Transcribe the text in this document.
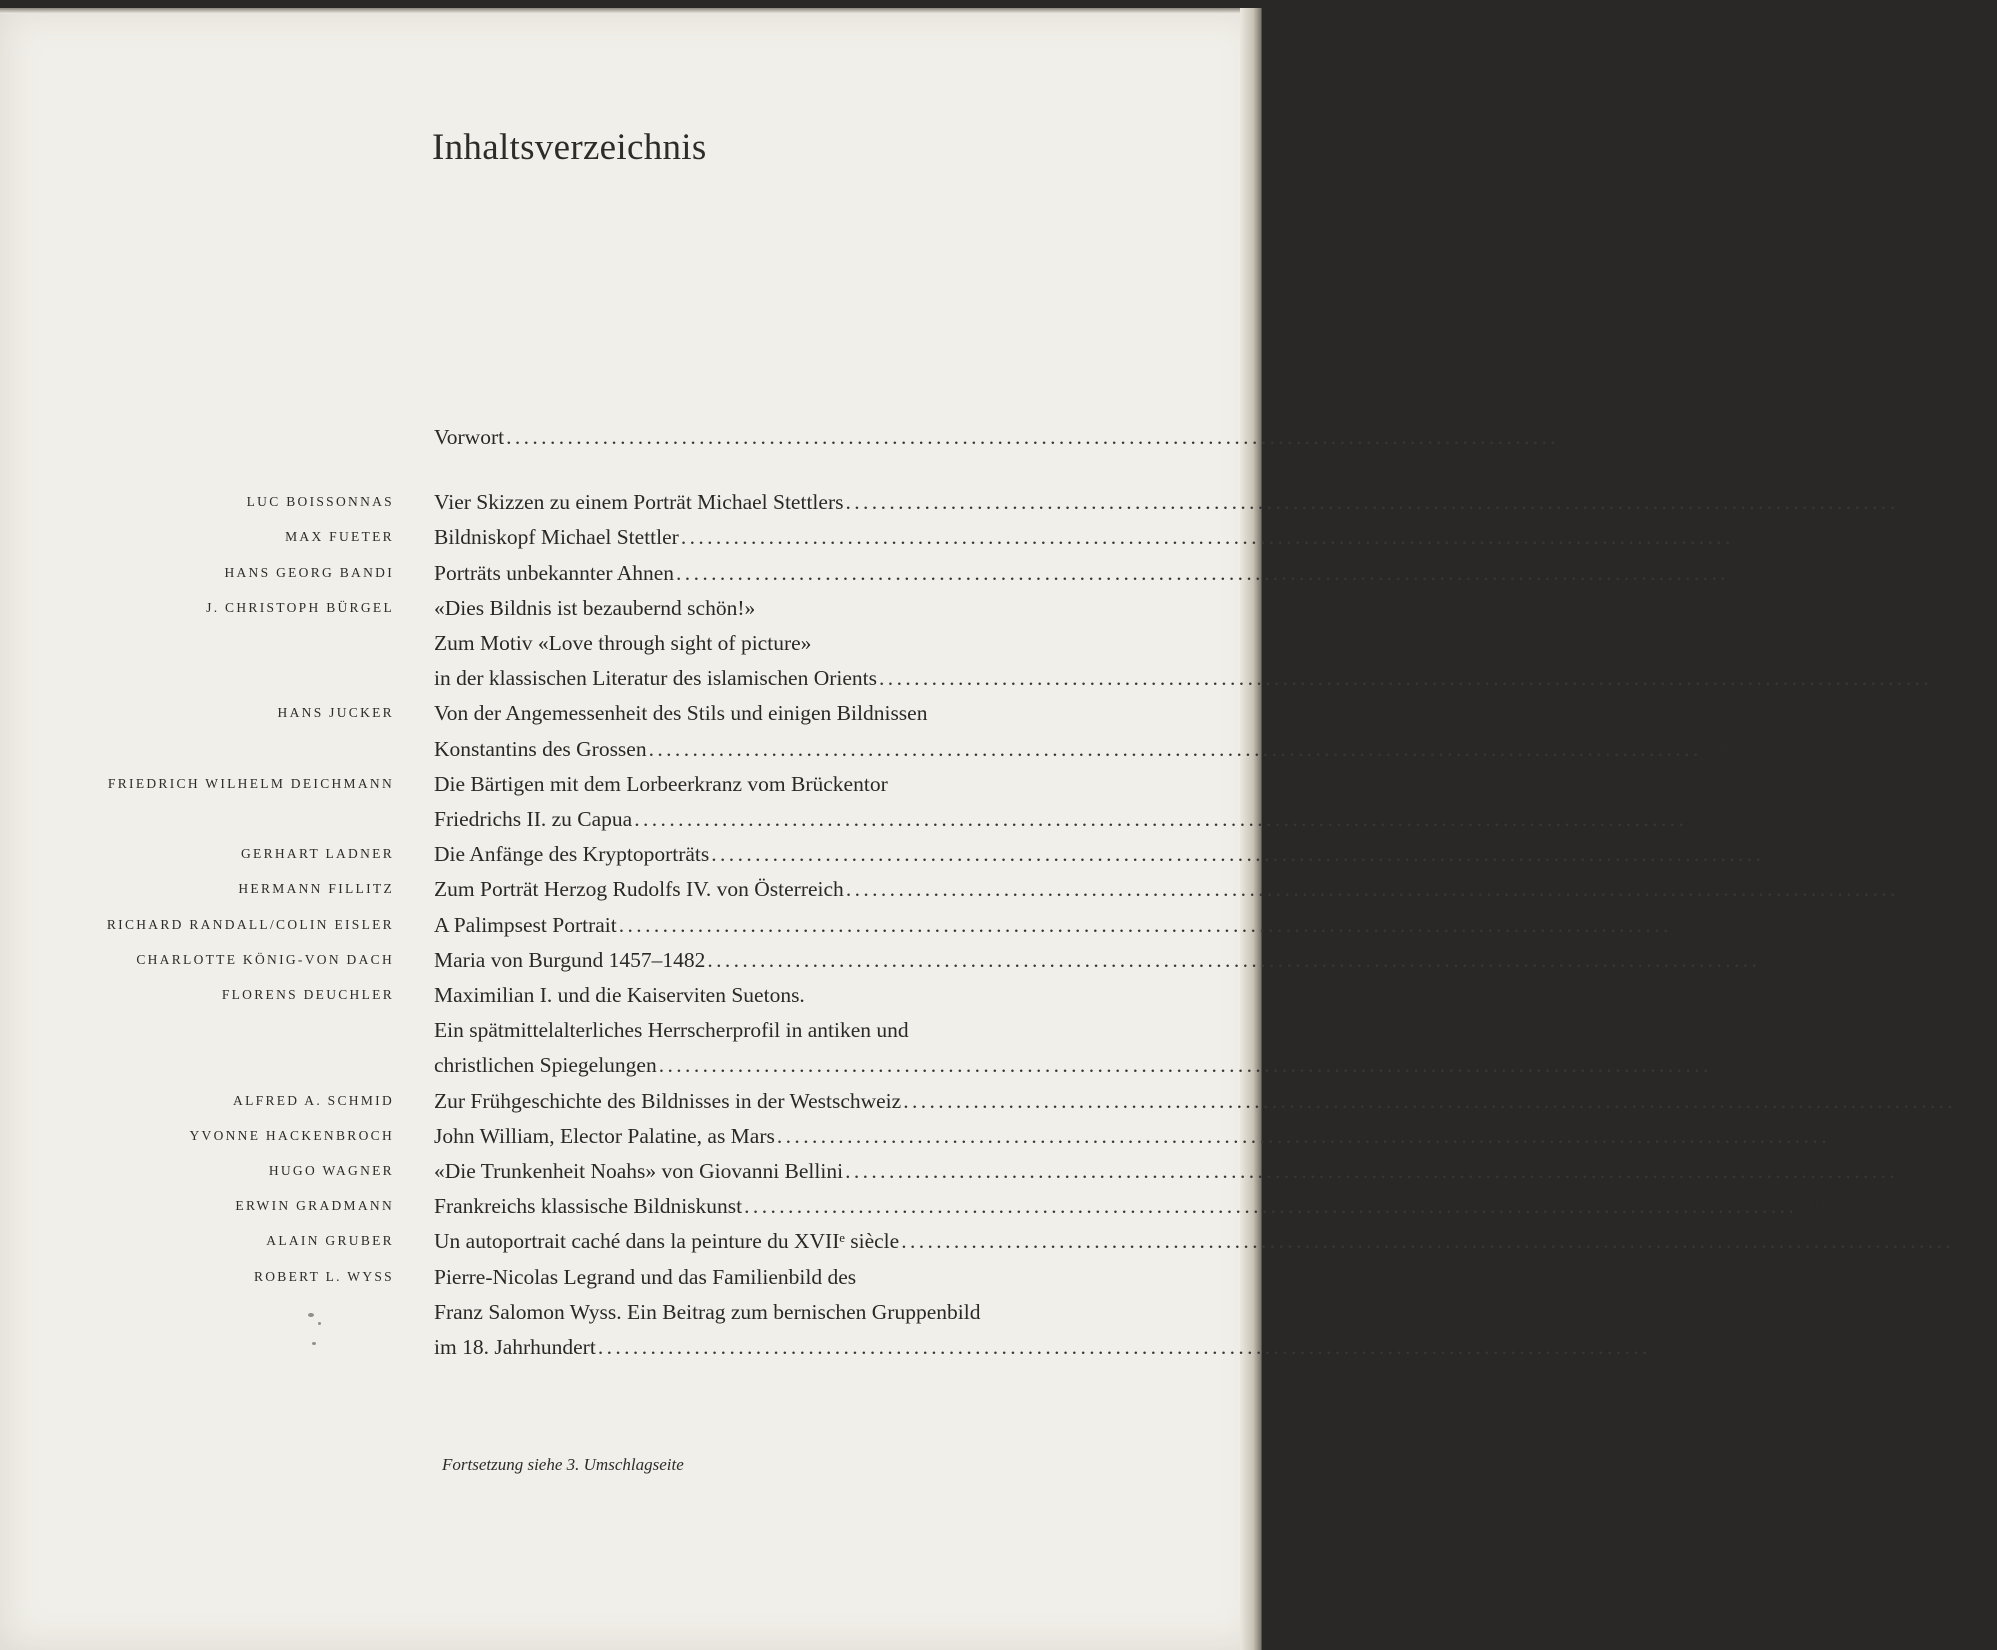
Inhaltsverzeichnis
Vorwort ........................................................................................................................ 11
LUC BOISSONNAS Vier Skizzen zu einem Porträt Michael Stettlers ........................................................................................................................ 13
MAX FUETER Bildniskopf Michael Stettler ........................................................................................................................ 18
HANS GEORG BANDI Porträts unbekannter Ahnen ........................................................................................................................ 19
J. CHRISTOPH BÜRGEL «Dies Bildnis ist bezaubernd schön!»
Zum Motiv «Love through sight of picture»
in der klassischen Literatur des islamischen Orients ........................................................................................................................ 31
HANS JUCKER Von der Angemessenheit des Stils und einigen Bildnissen
Konstantins des Grossen ........................................................................................................................ 40
FRIEDRICH WILHELM DEICHMANN Die Bärtigen mit dem Lorbeerkranz vom Brückentor
Friedrichs II. zu Capua ........................................................................................................................ 71
GERHART LADNER Die Anfänge des Kryptoporträts ........................................................................................................................ 78
HERMANN FILLITZ Zum Porträt Herzog Rudolfs IV. von Österreich ........................................................................................................................ 99
RICHARD RANDALL/COLIN EISLER A Palimpsest Portrait ........................................................................................................................ 104
CHARLOTTE KÖNIG-VON DACH Maria von Burgund 1457–1482 ........................................................................................................................ 117
FLORENS DEUCHLER Maximilian I. und die Kaiserviten Suetons.
Ein spätmittelalterliches Herrscherprofil in antiken und
christlichen Spiegelungen ........................................................................................................................ 129
ALFRED A. SCHMID Zur Frühgeschichte des Bildnisses in der Westschweiz ........................................................................................................................ 150
YVONNE HACKENBROCH John William, Elector Palatine, as Mars ........................................................................................................................ 167
HUGO WAGNER «Die Trunkenheit Noahs» von Giovanni Bellini ........................................................................................................................ 182
ERWIN GRADMANN Frankreichs klassische Bildniskunst ........................................................................................................................ 190
ALAIN GRUBER Un autoportrait caché dans la peinture du XVIIᵉ siècle ........................................................................................................................ 212
ROBERT L. WYSS Pierre-Nicolas Legrand und das Familienbild des
Franz Salomon Wyss. Ein Beitrag zum bernischen Gruppenbild
im 18. Jahrhundert ........................................................................................................................ 216
Fortsetzung siehe 3. Umschlagseite
